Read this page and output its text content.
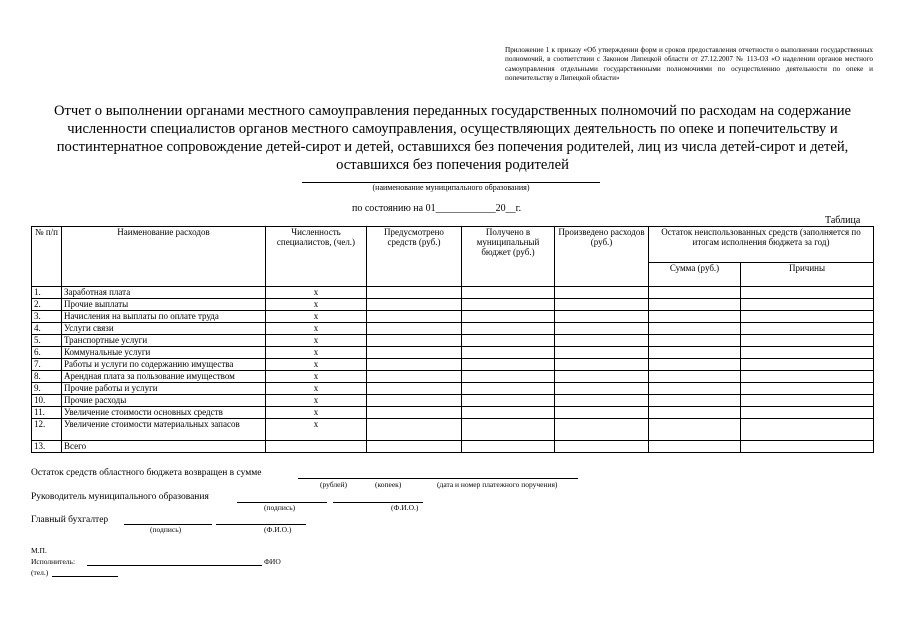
Приложение 1 к приказу «Об утверждении форм и сроков предоставления отчетности о выполнении государственных полномочий, в соответствии с Законом Липецкой области от 27.12.2007 № 113-ОЗ «О наделении органов местного самоуправления отдельными государственными полномочиями по осуществлению деятельности по опеке и попечительству в Липецкой области»
Отчет о выполнении органами местного самоуправления переданных государственных полномочий по расходам на содержание численности специалистов органов местного самоуправления, осуществляющих деятельность по опеке и попечительству и постинтернатное сопровождение детей-сирот и детей, оставшихся без попечения родителей, лиц из числа детей-сирот и детей, оставшихся без попечения родителей
(наименование муниципального образования)
по состоянию на 01____________20__г.
Таблица
№ п/п	Наименование расходов	Численность специалистов, (чел.)	Предусмотрено средств (руб.)	Получено в муниципальный бюджет (руб.)	Произведено расходов (руб.)	Остаток неиспользованных средств (заполняется по итогам исполнения бюджета за год)	
						Сумма (руб.)	Причины
1.	Заработная плата	x					
2.	Прочие выплаты	x					
3.	Начисления на выплаты по оплате труда	x					
4.	Услуги связи	x					
5.	Транспортные услуги	x					
6.	Коммунальные услуги	x					
7.	Работы и услуги по содержанию имущества	x					
8.	Арендная плата за пользование имуществом	x					
9.	Прочие работы и услуги	x					
10.	Прочие расходы	x					
11.	Увеличение стоимости основных средств	x					
12.	Увеличение стоимости материальных запасов	x					
13.	Всего						
Остаток средств областного бюджета возвращен в сумме
(рублей)	(копеек)	(дата и номер платежного поручения)
Руководитель муниципального образования
(подпись)	(Ф.И.О.)
Главный бухгалтер
(подпись)	(Ф.И.О.)
М.П.
Исполнитель:	ФИО
(тел.)
